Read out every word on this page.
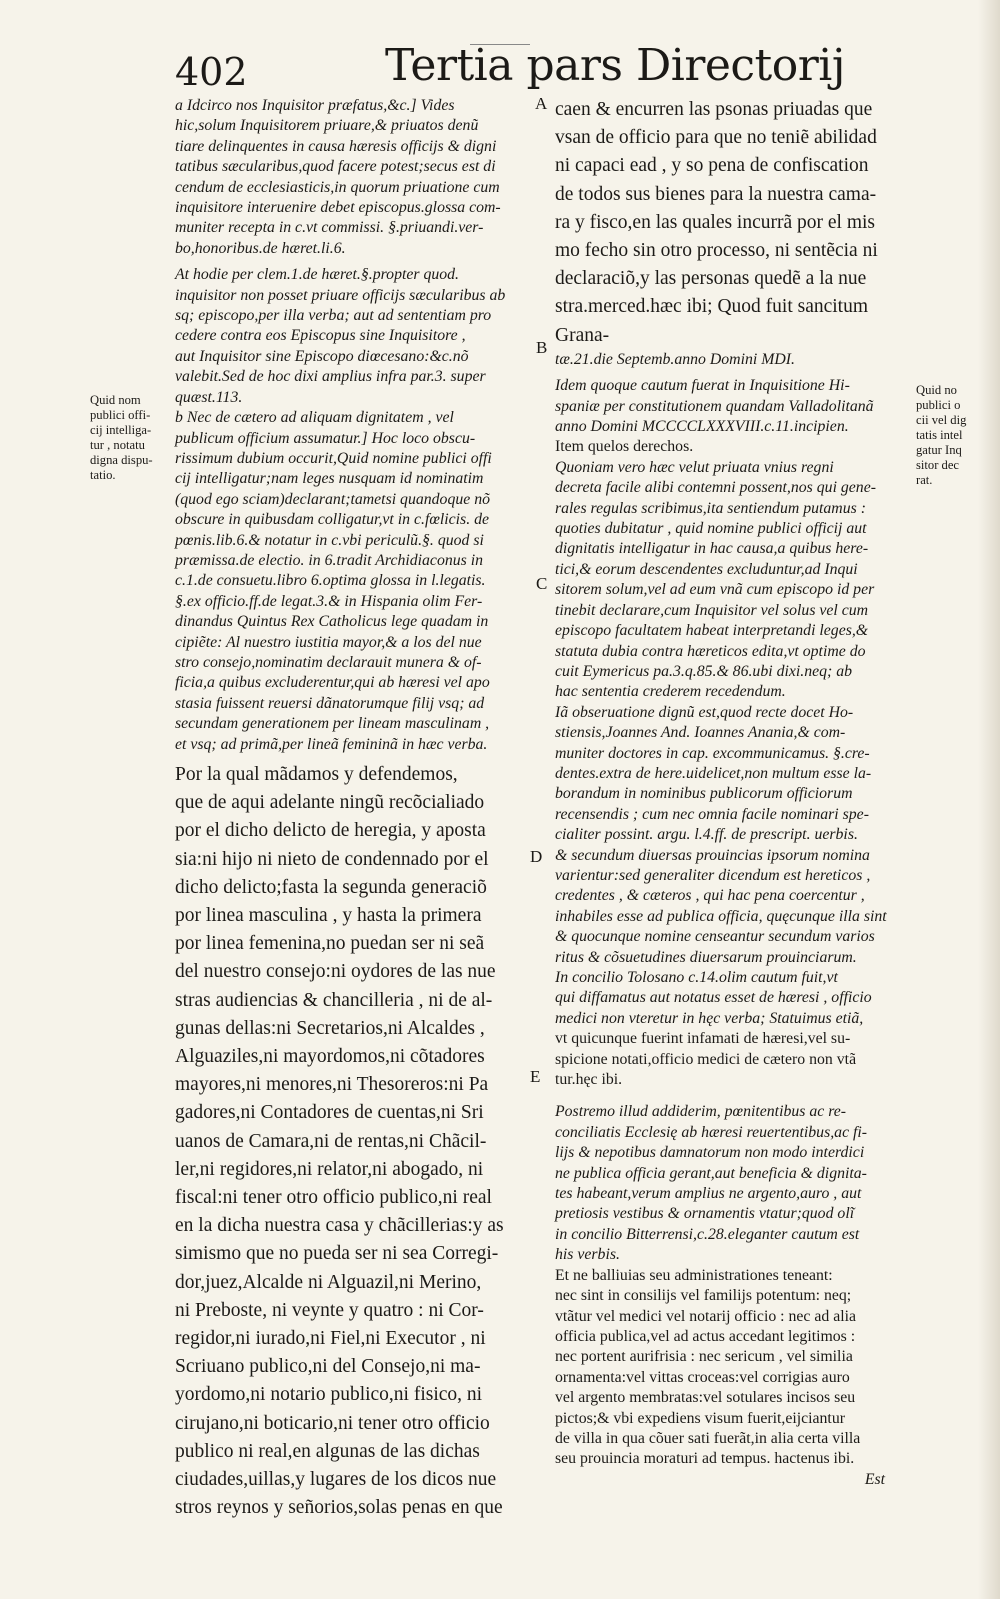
402	Tertia pars Directorij
A
B
C
D
E
Quid nom
publici offi-
cij intelliga-
tur , notatu
digna dispu-
tatio.
Quid no
publici o
cii vel dig
tatis intel
gatur Inq
sitor dec
rat.

a Idcirco nos Inquisitor præfatus,&c.] Vides

hic,solum Inquisitorem priuare,& priuatos denũ

tiare delinquentes in causa hæresis officijs & digni

tatibus sæcularibus,quod facere potest;secus est di

cendum de ecclesiasticis,in quorum priuatione cum

inquisitore interuenire debet episcopus.glossa com-

muniter recepta in c.vt commissi. §.priuandi.ver-

bo,honoribus.de hæret.li.6.

At hodie per clem.1.de hæret.§.propter quod.

inquisitor non posset priuare officijs sæcularibus ab

sq; episcopo,per illa verba; aut ad sententiam pro

cedere contra eos Episcopus sine Inquisitore ,

aut Inquisitor sine Episcopo diœcesano:&c.nõ

valebit.Sed de hoc dixi amplius infra par.3. super

quæst.113.

b Nec de cætero ad aliquam dignitatem , vel

publicum officium assumatur.] Hoc loco obscu-

rissimum dubium occurit,Quid nomine publici offi

cij intelligatur;nam leges nusquam id nominatim

(quod ego sciam)declarant;tametsi quandoque nõ

obscure in quibusdam colligatur,vt in c.fœlicis. de

pœnis.lib.6.& notatur in c.vbi periculũ.§. quod si

præmissa.de electio. in 6.tradit Archidiaconus in

c.1.de consuetu.libro 6.optima glossa in l.legatis.

§.ex officio.ff.de legat.3.& in Hispania olim Fer-

dinandus Quintus Rex Catholicus lege quadam in

cipiẽte: Al nuestro iustitia mayor,& a los del nue

stro consejo,nominatim declarauit munera & of-

ficia,a quibus excluderentur,qui ab hæresi vel apo

stasia fuissent reuersi dãnatorumque filij vsq; ad

secundam generationem per lineam masculinam ,

et vsq; ad primã,per lineã femininã in hæc verba.

Por la qual mãdamos y defendemos,

que de aqui adelante ningũ recõcialiado

por el dicho delicto de heregia, y apostа

sia:ni hijo ni nieto de condennado por el

dicho delicto;fasta la segunda generaciõ

por linea masculina , y hasta la primera

por linea femenina,no puedan ser ni seã

del nuestro consejo:ni oydores de las nue

stras audiencias & chancilleria , ni de al-

gunas dellas:ni Secretarios,ni Alcaldes ,

Alguaziles,ni mayordomos,ni cõtadores

mayores,ni menores,ni Thesoreros:ni Pa

gadores,ni Contadores de cuentas,ni Sri

uanos de Camara,ni de rentas,ni Chãcil-

ler,ni regidores,ni relator,ni abogado, ni

fiscal:ni tener otro officio publico,ni real

en la dicha nuestra casa y chãcillerias:y as

simismo que no pueda ser ni sea Corregi-

dor,juez,Alcalde ni Alguazil,ni Merino,

ni Preboste, ni veynte y quatro : ni Cor-

regidor,ni iurado,ni Fiel,ni Executor , ni

Scriuano publico,ni del Consejo,ni ma-

yordomo,ni notario publico,ni fisico, ni

cirujano,ni boticario,ni tener otro officio

publico ni real,en algunas de las dichas

ciudades,uillas,y lugares de los dicos nue

stros reynos y señorios,solas penas en que

caen & encurren las psonas priuadas que

vsan de officio para que no teniẽ abilidad

ni capaci ead , y so pena de confiscation

de todos sus bienes para la nuestra cama-

ra y fisco,en las quales incurrã por el mis

mo fecho sin otro processo, ni sentẽcia ni

declaraciõ,y las personas quedẽ a la nue

stra.merced.hæc ibi; Quod fuit sancitum Grana-

tæ.21.die Septemb.anno Domini MDI.

Idem quoque cautum fuerat in Inquisitione Hi-

spaniæ per constitutionem quandam Valladolitanã

anno Domini MCCCCLXXXVIII.c.11.incipien.

Item quelos derechos.

Quoniam vero hæc velut priuata vnius regni

decreta facile alibi contemni possent,nos qui gene-

rales regulas scribimus,ita sentiendum putamus :

quoties dubitatur , quid nomine publici officij aut

dignitatis intelligatur in hac causa,a quibus here-

tici,& eorum descendentes excluduntur,ad Inqui

sitorem solum,vel ad eum vnã cum episcopo id per

tinebit declarare,cum Inquisitor vel solus vel cum

episcopo facultatem habeat interpretandi leges,&

statuta dubia contra hæreticos edita,vt optime do

cuit Eymericus pa.3.q.85.& 86.ubi dixi.neq; ab

hac sententia crederem recedendum.

Iã obseruatione dignũ est,quod recte docet Ho-

stiensis,Joannes And. Ioannes Anania,& com-

muniter doctores in cap. excommunicamus. §.cre-

dentes.extra de here.uidelicet,non multum esse la-

borandum in nominibus publicorum officiorum

recensendis ; cum nec omnia facile nominari spe-

cialiter possint. argu. l.4.ff. de prescript. uerbis.

& secundum diuersas prouincias ipsorum nomina

varientur:sed generaliter dicendum est hereticos ,

credentes , & cæteros , qui hac pena coercentur ,

inhabiles esse ad publica officia, quęcunque illa sint

& quocunque nomine censeantur secundum varios

ritus & cõsuetudines diuersarum prouinciarum.

In concilio Tolosano c.14.olim cautum fuit,vt

qui diffamatus aut notatus esset de hæresi , officio

medici non vteretur in hęc verba; Statuimus etiã,

vt quicunque fuerint infamati de hæresi,vel su-

spicione notati,officio medici de cætero non vtã

tur.hęc ibi.

Postremo illud addiderim, pœnitentibus ac re-

conciliatis Ecclesię ab hæresi reuertentibus,ac fi-

lijs & nepotibus damnatorum non modo interdici

ne publica officia gerant,aut beneficia & dignita-

tes habeant,verum amplius ne argento,auro , aut

pretiosis vestibus & ornamentis vtatur;quod olĩ

in concilio Bitterrensi,c.28.eleganter cautum est

his verbis.

Et ne balliuias seu administrationes teneant:

nec sint in consilijs vel familijs potentum: neq;

vtãtur vel medici vel notarij officio : nec ad alia

officia publica,vel ad actus accedant legitimos :

nec portent aurifrisia : nec sericum , vel similia

ornamenta:vel vittas croceas:vel corrigias auro

vel argento membratas:vel sotulares incisos seu

pictos;& vbi expediens visum fuerit,eijciantur

de villa in qua cõuer sati fuerãt,in alia certa villa

seu prouincia moraturi ad tempus. hactenus ibi.

Est
